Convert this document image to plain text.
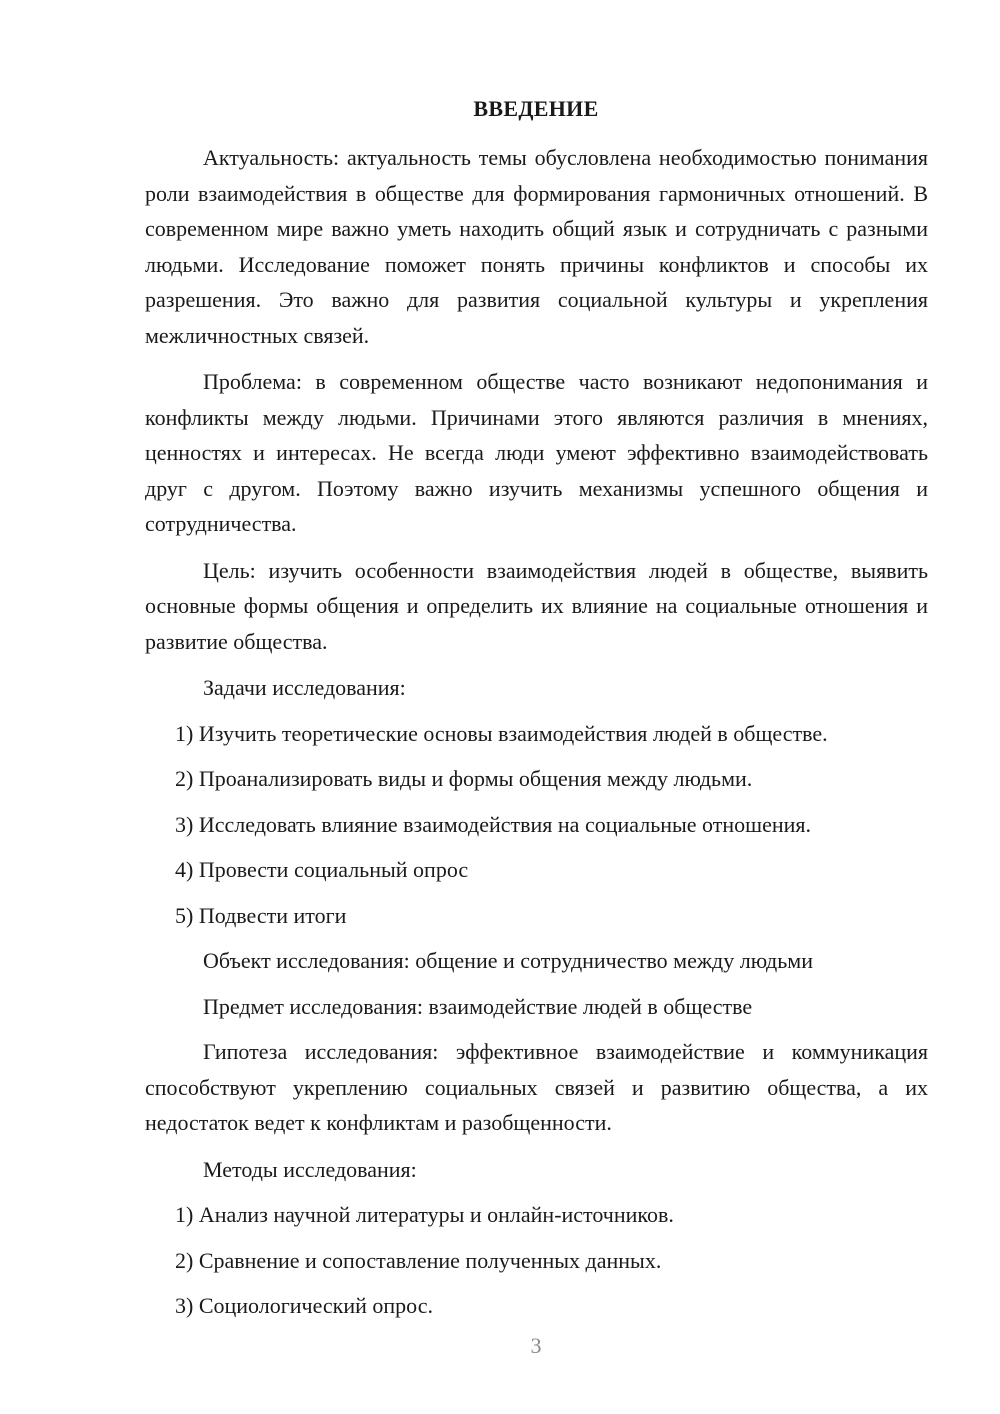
ВВЕДЕНИЕ

Актуальность: актуальность темы обусловлена необходимостью понимания роли взаимодействия в обществе для формирования гармоничных отношений. В современном мире важно уметь находить общий язык и сотрудничать с разными людьми. Исследование поможет понять причины конфликтов и способы их разрешения. Это важно для развития социальной культуры и укрепления межличностных связей.

Проблема: в современном обществе часто возникают недопонимания и конфликты между людьми. Причинами этого являются различия в мнениях, ценностях и интересах. Не всегда люди умеют эффективно взаимодействовать друг с другом. Поэтому важно изучить механизмы успешного общения и сотрудничества.

Цель: изучить особенности взаимодействия людей в обществе, выявить основные формы общения и определить их влияние на социальные отношения и развитие общества.

Задачи исследования:
1) Изучить теоретические основы взаимодействия людей в обществе.
2) Проанализировать виды и формы общения между людьми.
3) Исследовать влияние взаимодействия на социальные отношения.
4) Провести социальный опрос
5) Подвести итоги
Объект исследования: общение и сотрудничество между людьми
Предмет исследования: взаимодействие людей в обществе

Гипотеза исследования: эффективное взаимодействие и коммуникация способствуют укреплению социальных связей и развитию общества, а их недостаток ведет к конфликтам и разобщенности.

Методы исследования:
1) Анализ научной литературы и онлайн-источников.
2) Сравнение и сопоставление полученных данных.
3) Социологический опрос.
3
